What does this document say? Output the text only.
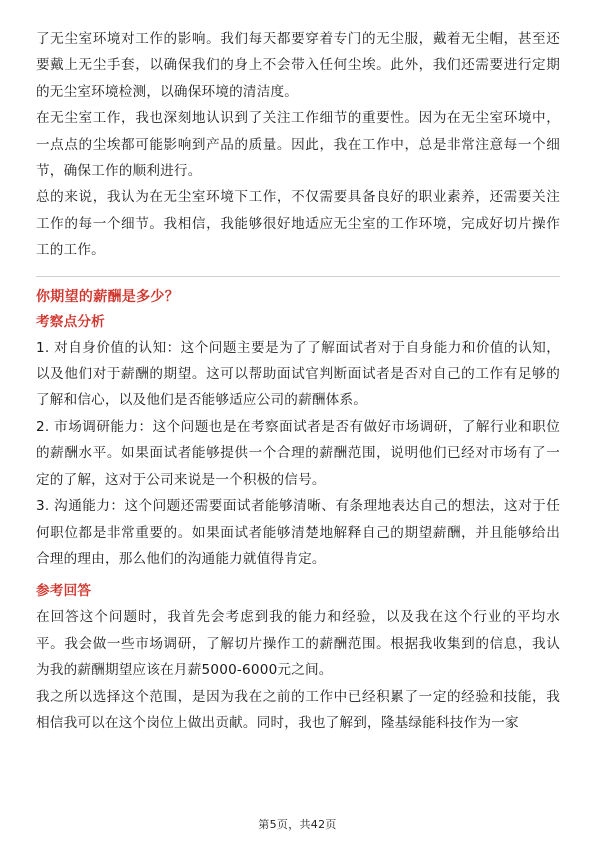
了无尘室环境对工作的影响。我们每天都要穿着专门的无尘服，戴着无尘帽，甚至还要戴上无尘手套，以确保我们的身上不会带入任何尘埃。此外，我们还需要进行定期的无尘室环境检测，以确保环境的清洁度。

在无尘室工作，我也深刻地认识到了关注工作细节的重要性。因为在无尘室环境中，一点点的尘埃都可能影响到产品的质量。因此，我在工作中，总是非常注意每一个细节，确保工作的顺利进行。

总的来说，我认为在无尘室环境下工作，不仅需要具备良好的职业素养，还需要关注工作的每一个细节。我相信，我能够很好地适应无尘室的工作环境，完成好切片操作工的工作。

你期望的薪酬是多少？

考察点分析

1. 对自身价值的认知：这个问题主要是为了了解面试者对于自身能力和价值的认知，以及他们对于薪酬的期望。这可以帮助面试官判断面试者是否对自己的工作有足够的了解和信心，以及他们是否能够适应公司的薪酬体系。

2. 市场调研能力：这个问题也是在考察面试者是否有做好市场调研，了解行业和职位的薪酬水平。如果面试者能够提供一个合理的薪酬范围，说明他们已经对市场有了一定的了解，这对于公司来说是一个积极的信号。

3. 沟通能力：这个问题还需要面试者能够清晰、有条理地表达自己的想法，这对于任何职位都是非常重要的。如果面试者能够清楚地解释自己的期望薪酬，并且能够给出合理的理由，那么他们的沟通能力就值得肯定。

参考回答

在回答这个问题时，我首先会考虑到我的能力和经验，以及我在这个行业的平均水平。我会做一些市场调研，了解切片操作工的薪酬范围。根据我收集到的信息，我认为我的薪酬期望应该在月薪5000-6000元之间。

我之所以选择这个范围，是因为我在之前的工作中已经积累了一定的经验和技能，我相信我可以在这个岗位上做出贡献。同时，我也了解到，隆基绿能科技作为一家

第5页，共42页
